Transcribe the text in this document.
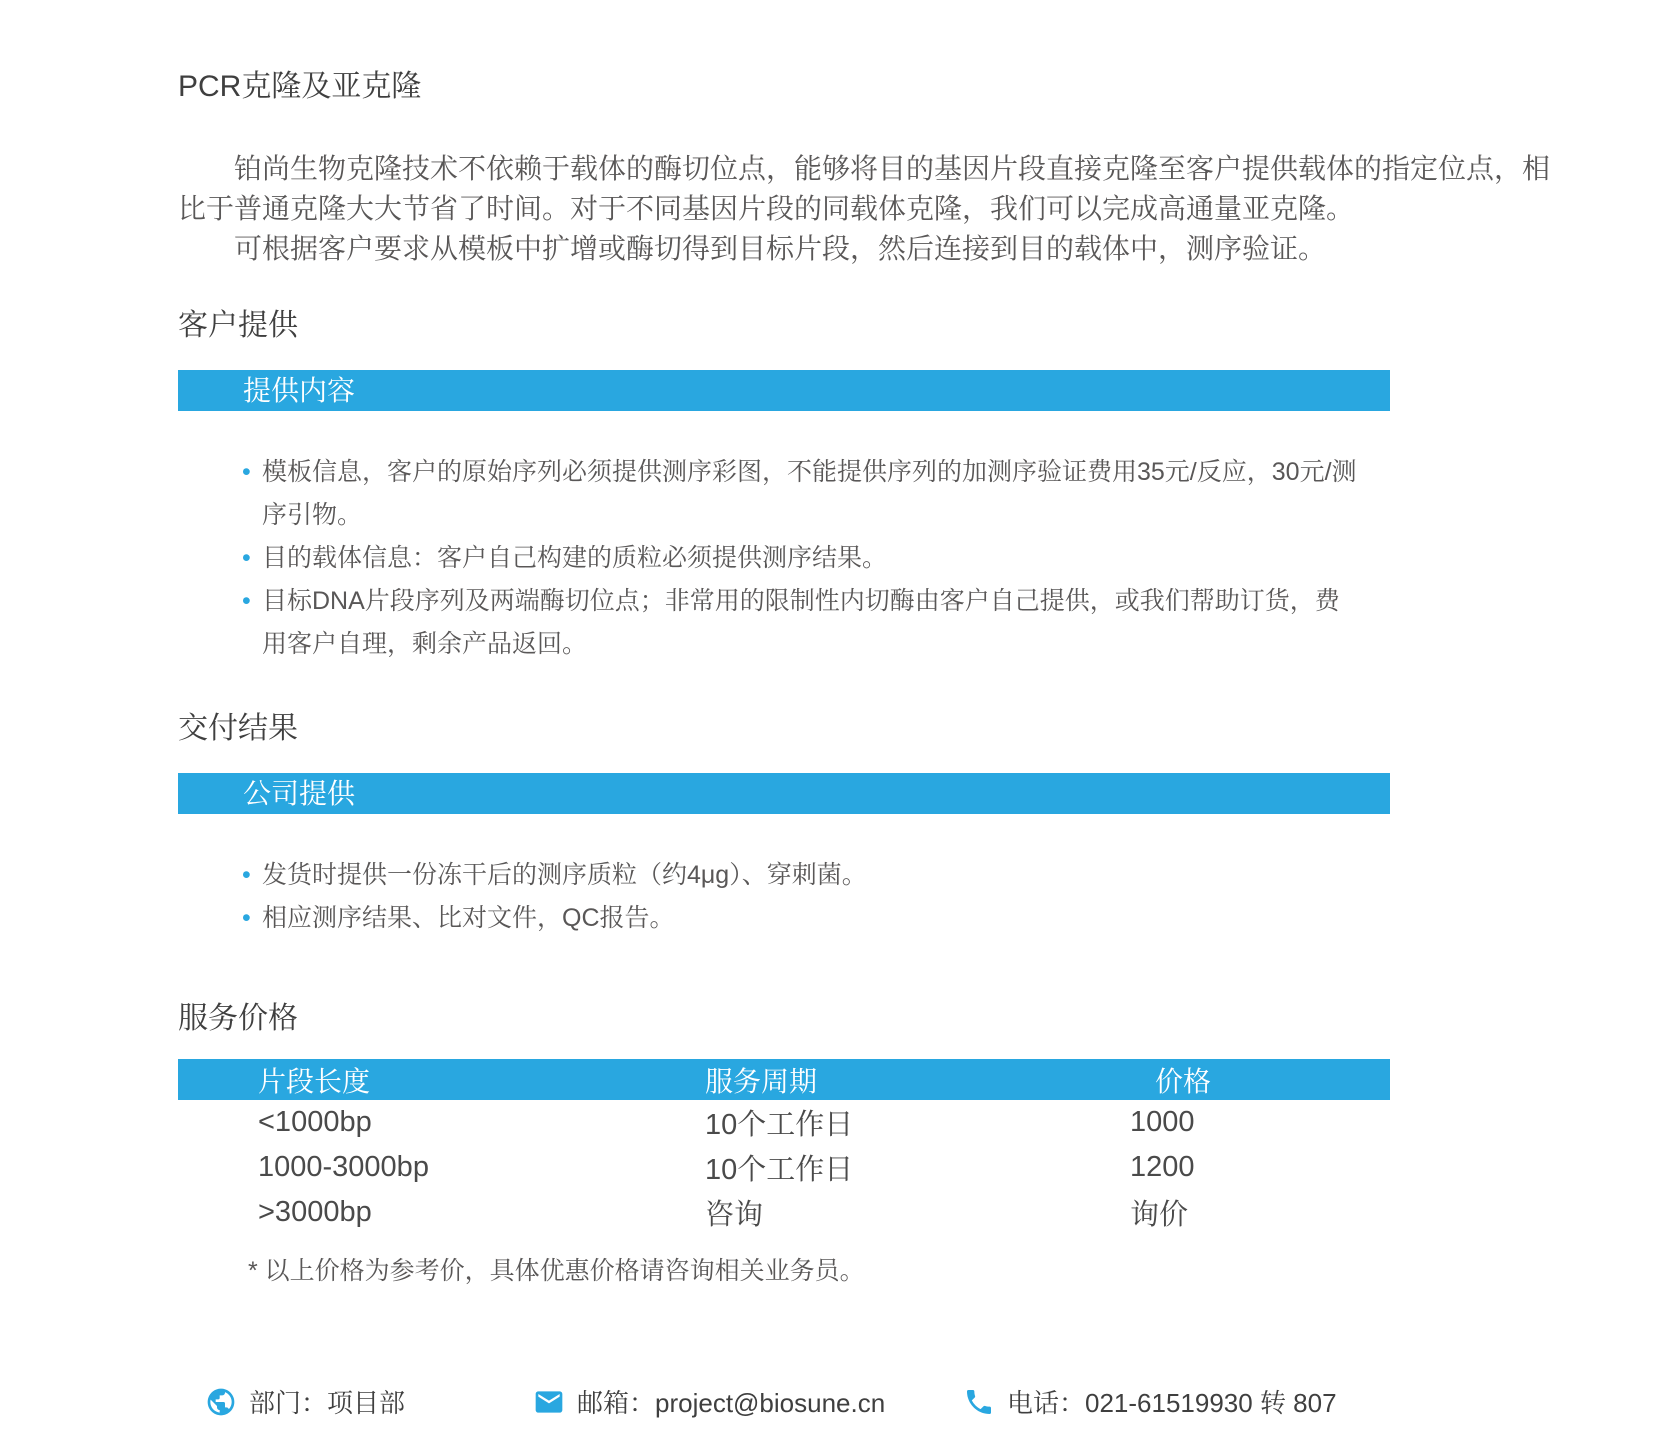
PCR克隆及亚克隆

铂尚生物克隆技术不依赖于载体的酶切位点，能够将目的基因片段直接克隆至客户提供载体的指定位点，相比于普通克隆大大节省了时间。对于不同基因片段的同载体克隆，我们可以完成高通量亚克隆。

可根据客户要求从模板中扩增或酶切得到目标片段，然后连接到目的载体中，测序验证。

客户提供
提供内容
• 模板信息，客户的原始序列必须提供测序彩图，不能提供序列的加测序验证费用35元/反应，30元/测序引物。
• 目的载体信息：客户自己构建的质粒必须提供测序结果。
• 目标DNA片段序列及两端酶切位点；非常用的限制性内切酶由客户自己提供，或我们帮助订货，费用客户自理，剩余产品返回。
交付结果
公司提供
• 发货时提供一份冻干后的测序质粒（约4μg）、穿刺菌。
• 相应测序结果、比对文件，QC报告。
服务价格
片段长度	服务周期	价格
<1000bp	10个工作日	1000
1000-3000bp	10个工作日	1200
>3000bp	咨询	询价
* 以上价格为参考价，具体优惠价格请咨询相关业务员。
部门：项目部	邮箱：project@biosune.cn	电话：021-61519930 转 807
